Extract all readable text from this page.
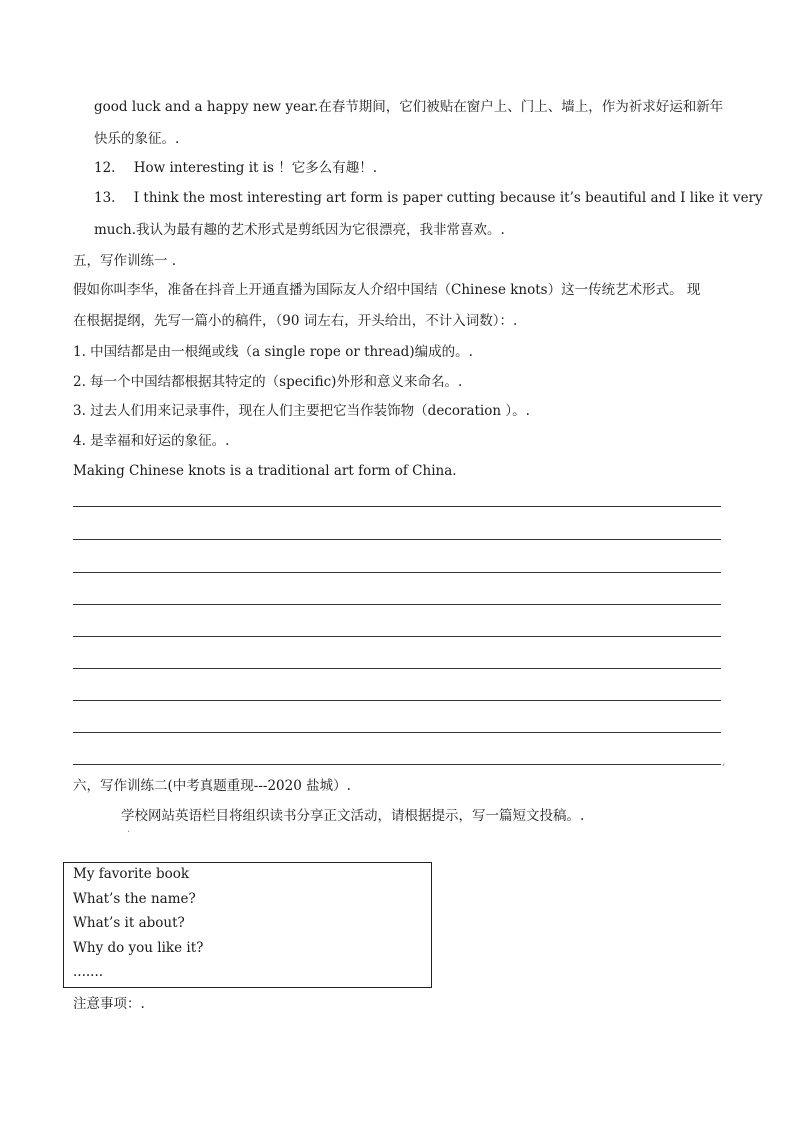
good luck and a happy new year.在春节期间，它们被贴在窗户上、门上、墙上，作为祈求好运和新年
快乐的象征。.
12. How interesting it is ！它多么有趣！.
13. I think the most interesting art form is paper cutting because it’s beautiful and I like it very
much.我认为最有趣的艺术形式是剪纸因为它很漂亮，我非常喜欢。.
五，写作训练一 .
假如你叫李华，准备在抖音上开通直播为国际友人介绍中国结（Chinese knots）这一传统艺术形式。 现
在根据提纲，先写一篇小的稿件，（90 词左右，开头给出，不计入词数）：.
1. 中国结都是由一根绳或线（a single rope or thread)编成的。.
2. 每一个中国结都根据其特定的（specific)外形和意义来命名。.
3. 过去人们用来记录事件，现在人们主要把它当作装饰物（decoration ）。.
4. 是幸福和好运的象征。.
Making Chinese knots is a traditional art form of China.
,
六，写作训练二(中考真题重现---2020 盐城）.
学校网站英语栏目将组织读书分享正文活动，请根据提示，写一篇短文投稿。.
·
My favorite book
What’s the name?
What’s it about?
Why do you like it?
.......
注意事项：.
